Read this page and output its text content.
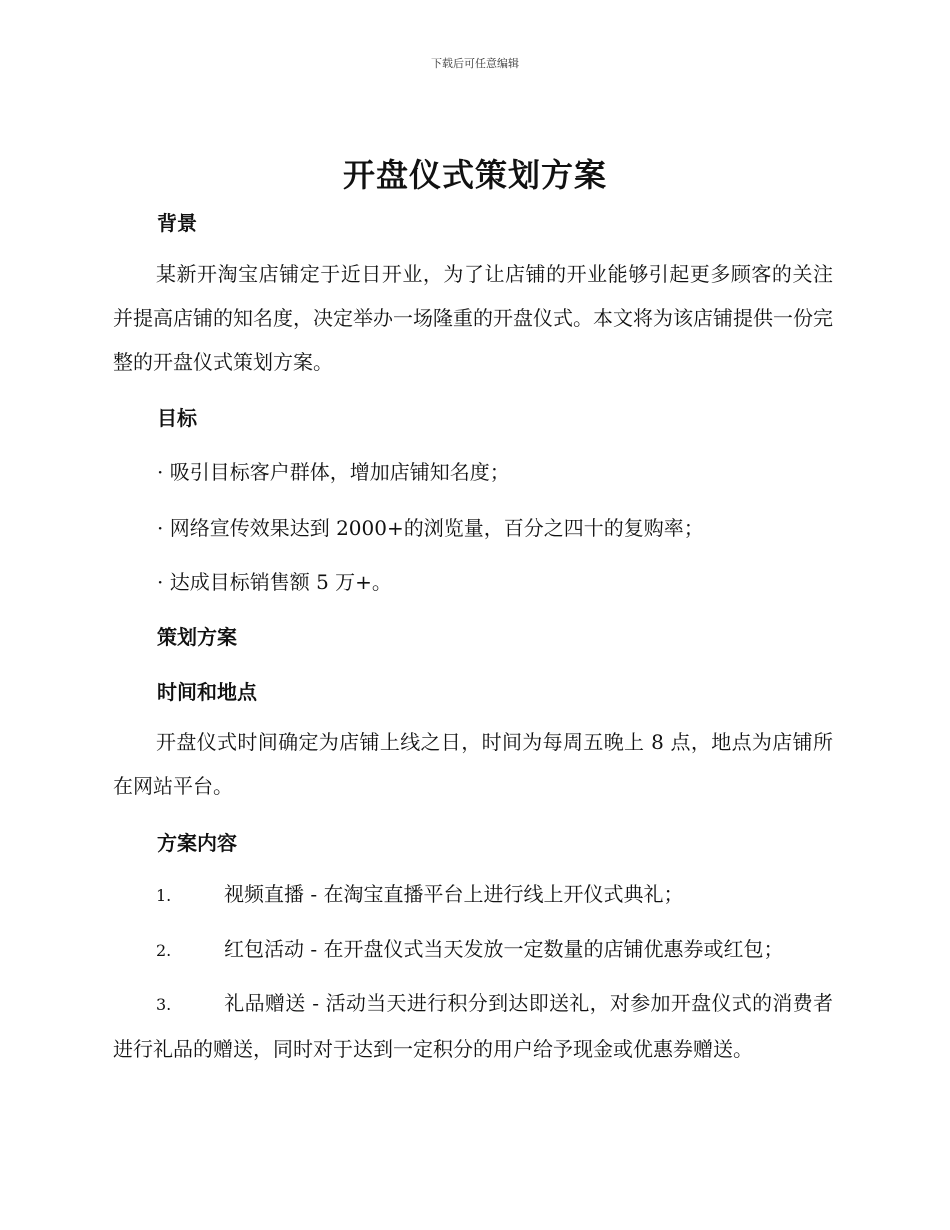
下载后可任意编辑
开盘仪式策划方案
背景

某新开淘宝店铺定于近日开业，为了让店铺的开业能够引起更多顾客的关注并提高店铺的知名度，决定举办一场隆重的开盘仪式。本文将为该店铺提供一份完整的开盘仪式策划方案。

目标

· 吸引目标客户群体，增加店铺知名度；

· 网络宣传效果达到 2000+的浏览量，百分之四十的复购率；

· 达成目标销售额 5 万+。

策划方案
时间和地点

开盘仪式时间确定为店铺上线之日，时间为每周五晚上 8 点，地点为店铺所在网站平台。

方案内容

1.	视频直播 - 在淘宝直播平台上进行线上开仪式典礼；

2.	红包活动 - 在开盘仪式当天发放一定数量的店铺优惠券或红包；

3.	礼品赠送 - 活动当天进行积分到达即送礼，对参加开盘仪式的消费者进行礼品的赠送，同时对于达到一定积分的用户给予现金或优惠券赠送。
